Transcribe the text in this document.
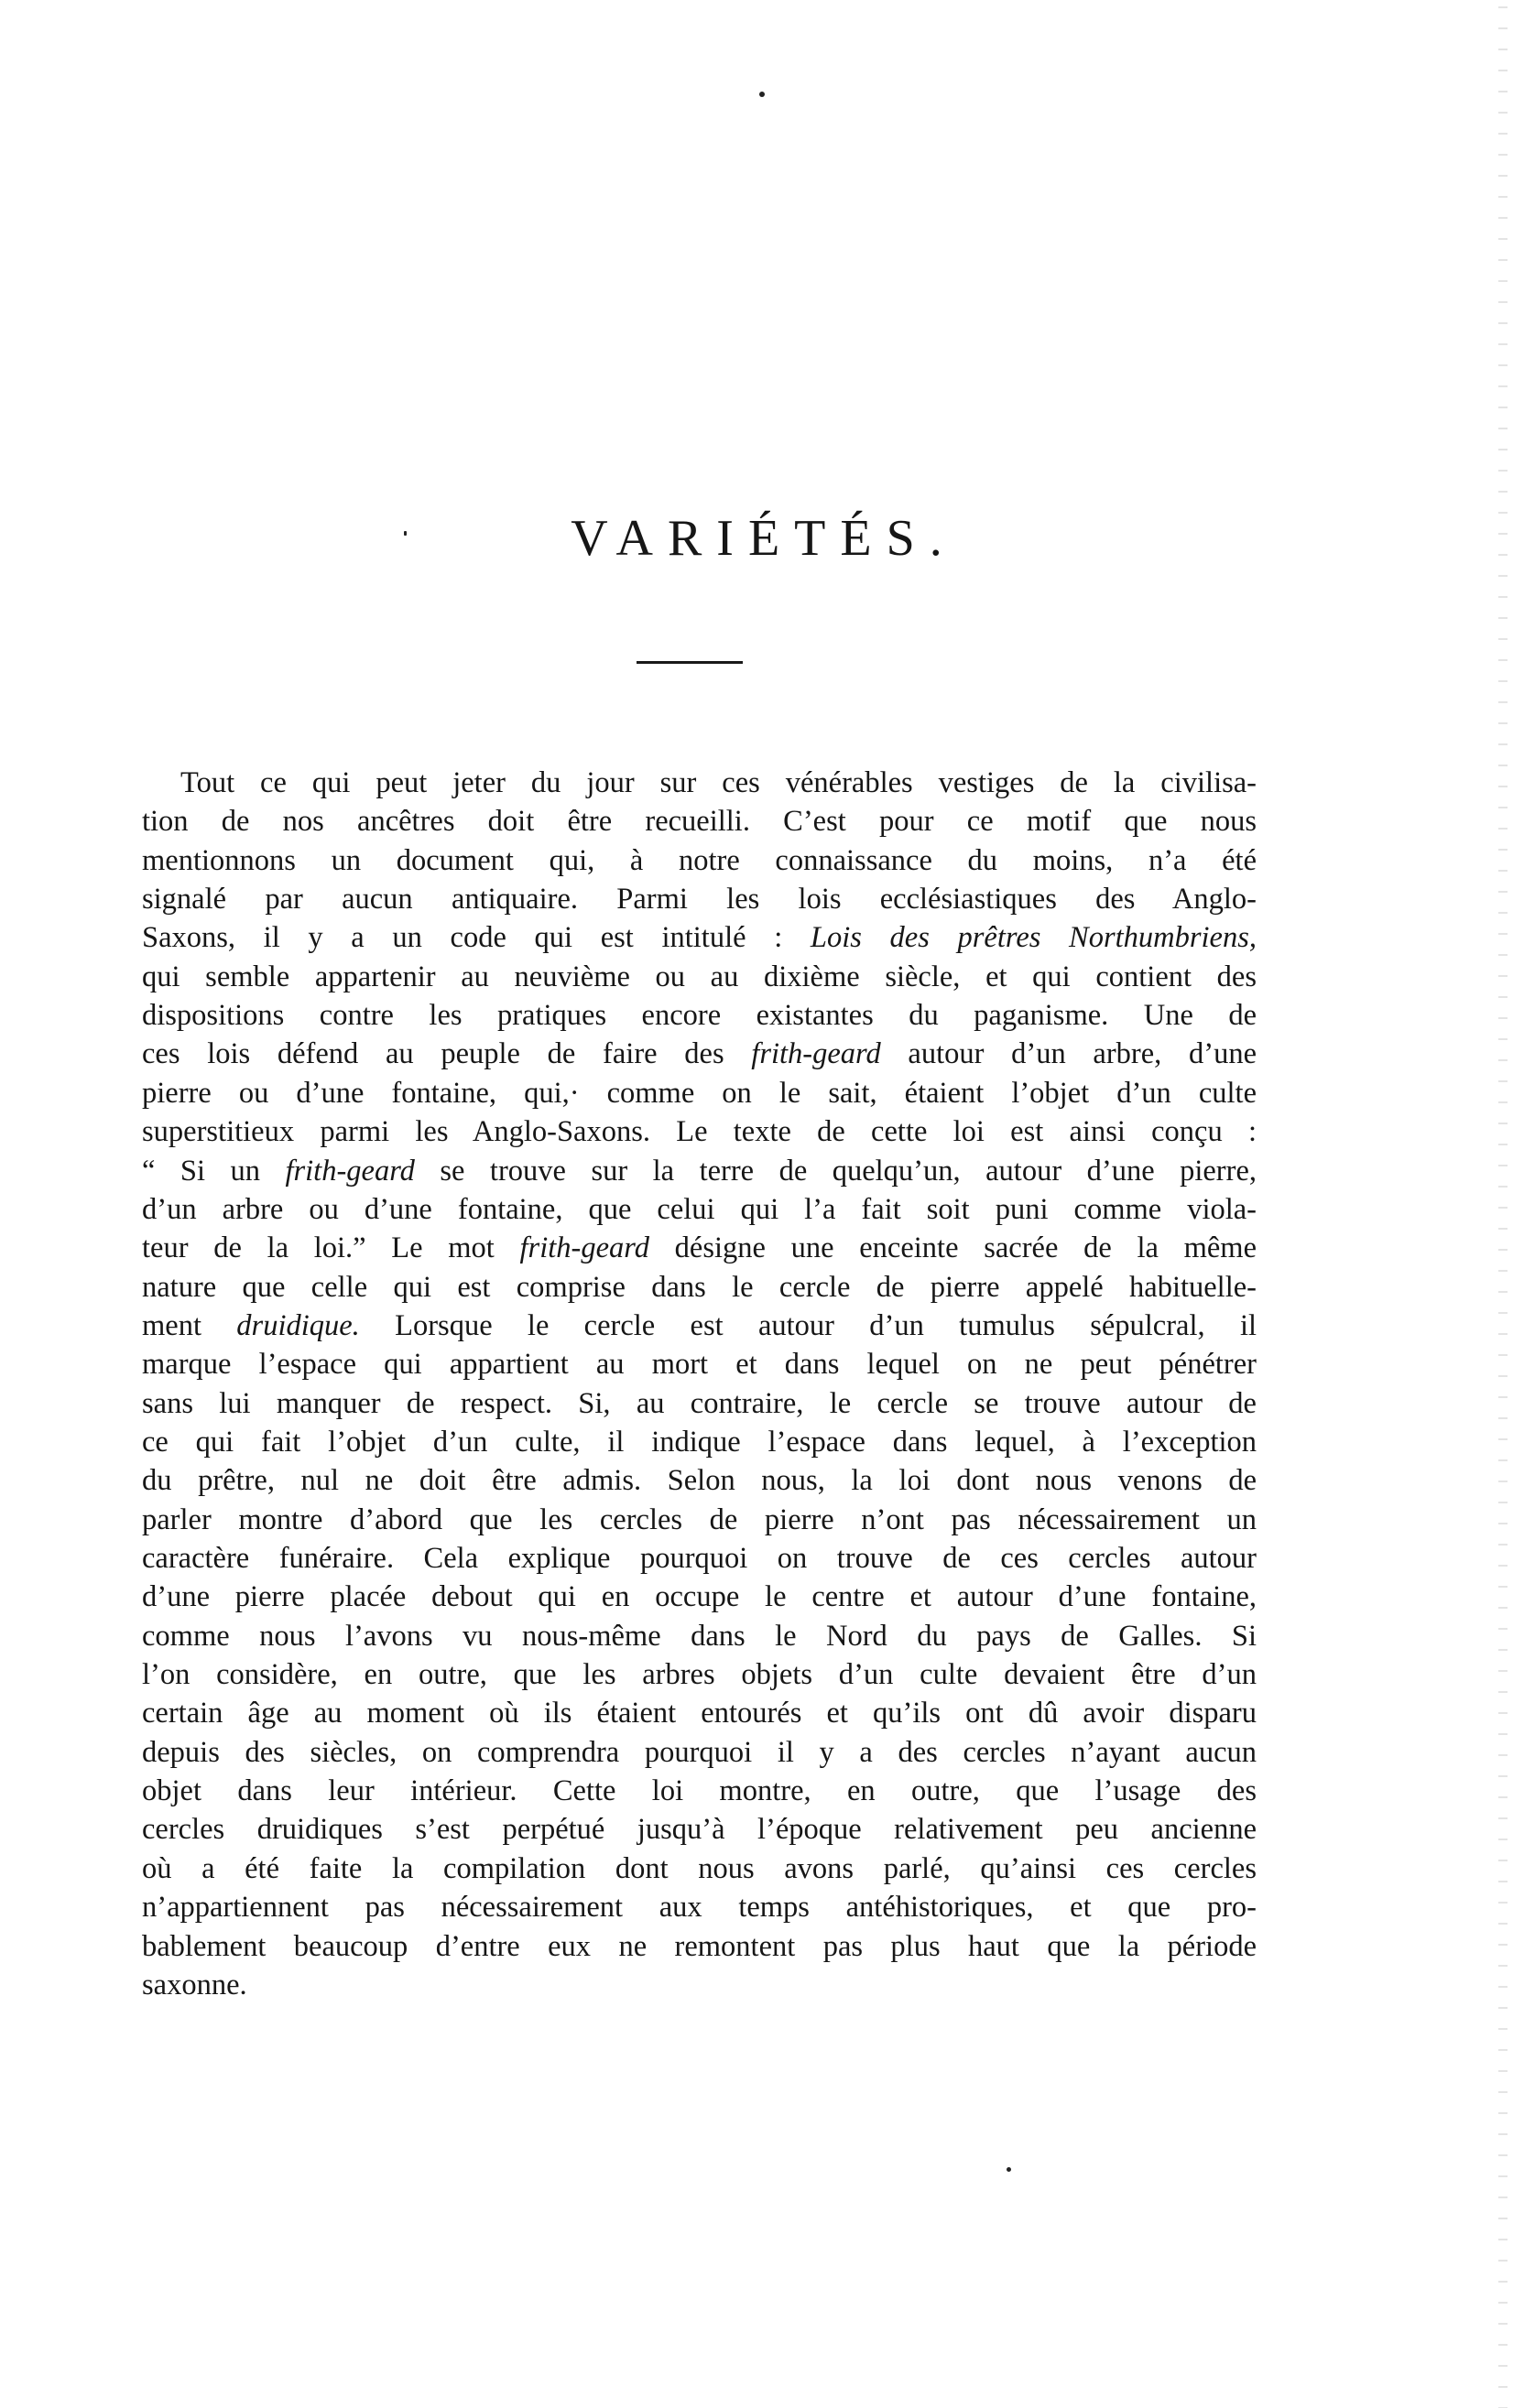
VARIÉTÉS.
Tout ce qui peut jeter du jour sur ces vénérables vestiges de la civilisa-
tion de nos ancêtres doit être recueilli. C’est pour ce motif que nous
mentionnons un document qui, à notre connaissance du moins, n’a été
signalé par aucun antiquaire. Parmi les lois ecclésiastiques des Anglo-
Saxons, il y a un code qui est intitulé : Lois des prêtres Northumbriens,
qui semble appartenir au neuvième ou au dixième siècle, et qui contient des
dispositions contre les pratiques encore existantes du paganisme. Une de
ces lois défend au peuple de faire des frith-geard autour d’un arbre, d’une
pierre ou d’une fontaine, qui,· comme on le sait, étaient l’objet d’un culte
superstitieux parmi les Anglo-Saxons. Le texte de cette loi est ainsi conçu :
“ Si un frith-geard se trouve sur la terre de quelqu’un, autour d’une pierre,
d’un arbre ou d’une fontaine, que celui qui l’a fait soit puni comme viola-
teur de la loi.” Le mot frith-geard désigne une enceinte sacrée de la même
nature que celle qui est comprise dans le cercle de pierre appelé habituelle-
ment druidique. Lorsque le cercle est autour d’un tumulus sépulcral, il
marque l’espace qui appartient au mort et dans lequel on ne peut pénétrer
sans lui manquer de respect. Si, au contraire, le cercle se trouve autour de
ce qui fait l’objet d’un culte, il indique l’espace dans lequel, à l’exception
du prêtre, nul ne doit être admis. Selon nous, la loi dont nous venons de
parler montre d’abord que les cercles de pierre n’ont pas nécessairement un
caractère funéraire. Cela explique pourquoi on trouve de ces cercles autour
d’une pierre placée debout qui en occupe le centre et autour d’une fontaine,
comme nous l’avons vu nous-même dans le Nord du pays de Galles. Si
l’on considère, en outre, que les arbres objets d’un culte devaient être d’un
certain âge au moment où ils étaient entourés et qu’ils ont dû avoir disparu
depuis des siècles, on comprendra pourquoi il y a des cercles n’ayant aucun
objet dans leur intérieur. Cette loi montre, en outre, que l’usage des
cercles druidiques s’est perpétué jusqu’à l’époque relativement peu ancienne
où a été faite la compilation dont nous avons parlé, qu’ainsi ces cercles
n’appartiennent pas nécessairement aux temps antéhistoriques, et que pro-
bablement beaucoup d’entre eux ne remontent pas plus haut que la période
saxonne.
